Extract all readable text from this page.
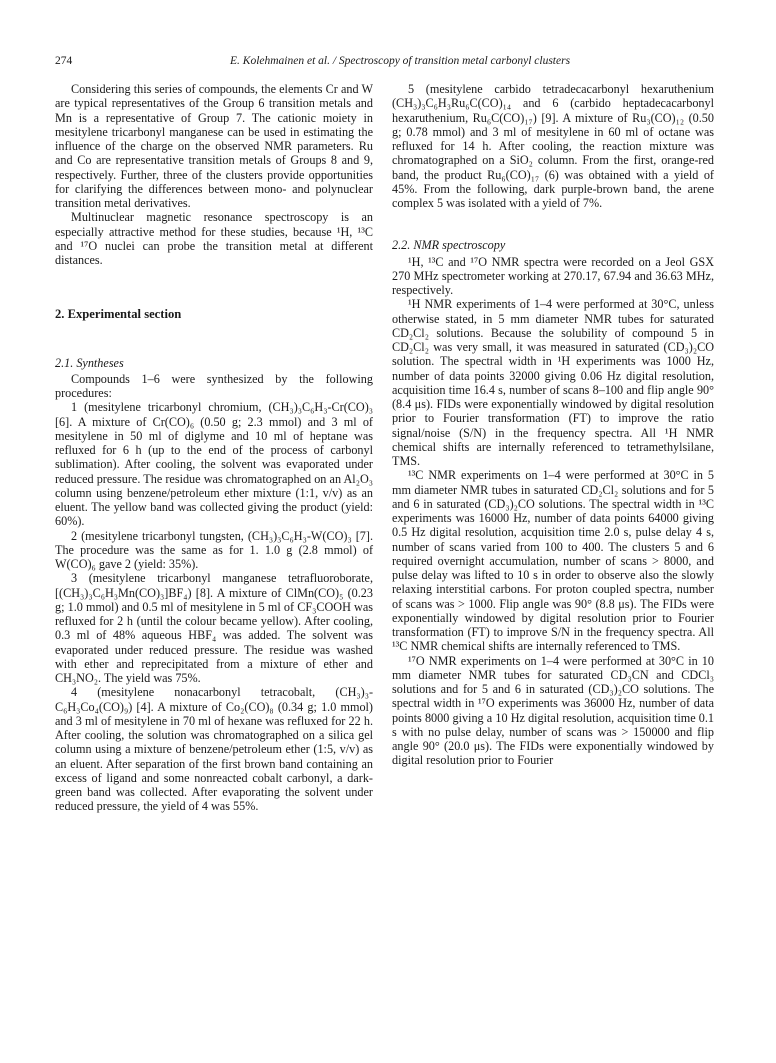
274	E. Kolehmainen et al. / Spectroscopy of transition metal carbonyl clusters

Considering this series of compounds, the elements Cr and W are typical representatives of the Group 6 transition metals and Mn is a representative of Group 7. The cationic moiety in mesitylene tricarbonyl manganese can be used in estimating the influence of the charge on the observed NMR parameters. Ru and Co are representative transition metals of Groups 8 and 9, respectively. Further, three of the clusters provide opportunities for clarifying the differences between mono- and polynuclear transition metal derivatives.

Multinuclear magnetic resonance spectroscopy is an especially attractive method for these studies, because ¹H, ¹³C and ¹⁷O nuclei can probe the transition metal at different distances.

2. Experimental section
2.1. Syntheses

Compounds 1–6 were synthesized by the following procedures:

1 (mesitylene tricarbonyl chromium, (CH₃)₃C₆H₃-Cr(CO)₃ [6]. A mixture of Cr(CO)₆ (0.50 g; 2.3 mmol) and 3 ml of mesitylene in 50 ml of diglyme and 10 ml of heptane was refluxed for 6 h (up to the end of the process of carbonyl sublimation). After cooling, the solvent was evaporated under reduced pressure. The residue was chromatographed on an Al₂O₃ column using benzene/petroleum ether mixture (1:1, v/v) as an eluent. The yellow band was collected giving the product (yield: 60%).

2 (mesitylene tricarbonyl tungsten, (CH₃)₃C₆H₃-W(CO)₃ [7]. The procedure was the same as for 1. 1.0 g (2.8 mmol) of W(CO)₆ gave 2 (yield: 35%).

3 (mesitylene tricarbonyl manganese tetrafluoroborate, [(CH₃)₃C₆H₃Mn(CO)₃]BF₄) [8]. A mixture of ClMn(CO)₅ (0.23 g; 1.0 mmol) and 0.5 ml of mesitylene in 5 ml of CF₃COOH was refluxed for 2 h (until the colour became yellow). After cooling, 0.3 ml of 48% aqueous HBF₄ was added. The solvent was evaporated under reduced pressure. The residue was washed with ether and reprecipitated from a mixture of ether and CH₃NO₂. The yield was 75%.

4 (mesitylene nonacarbonyl tetracobalt, (CH₃)₃-C₆H₃Co₄(CO)₉) [4]. A mixture of Co₂(CO)₈ (0.34 g; 1.0 mmol) and 3 ml of mesitylene in 70 ml of hexane was refluxed for 22 h. After cooling, the solution was chromatographed on a silica gel column using a mixture of benzene/petroleum ether (1:5, v/v) as an eluent. After separation of the first brown band containing an excess of ligand and some nonreacted cobalt carbonyl, a dark-green band was collected. After evaporating the solvent under reduced pressure, the yield of 4 was 55%.

5 (mesitylene carbido tetradecacarbonyl hexaruthenium (CH₃)₃C₆H₃Ru₆C(CO)₁₄ and 6 (carbido heptadecacarbonyl hexaruthenium, Ru₆C(CO)₁₇) [9]. A mixture of Ru₃(CO)₁₂ (0.50 g; 0.78 mmol) and 3 ml of mesitylene in 60 ml of octane was refluxed for 14 h. After cooling, the reaction mixture was chromatographed on a SiO₂ column. From the first, orange-red band, the product Ru₆(CO)₁₇ (6) was obtained with a yield of 45%. From the following, dark purple-brown band, the arene complex 5 was isolated with a yield of 7%.

2.2. NMR spectroscopy

¹H, ¹³C and ¹⁷O NMR spectra were recorded on a Jeol GSX 270 MHz spectrometer working at 270.17, 67.94 and 36.63 MHz, respectively.

¹H NMR experiments of 1–4 were performed at 30°C, unless otherwise stated, in 5 mm diameter NMR tubes for saturated CD₂Cl₂ solutions. Because the solubility of compound 5 in CD₂Cl₂ was very small, it was measured in saturated (CD₃)₂CO solution. The spectral width in ¹H experiments was 1000 Hz, number of data points 32000 giving 0.06 Hz digital resolution, acquisition time 16.4 s, number of scans 8–100 and flip angle 90° (8.4 μs). FIDs were exponentially windowed by digital resolution prior to Fourier transformation (FT) to improve the ratio signal/noise (S/N) in the frequency spectra. All ¹H NMR chemical shifts are internally referenced to tetramethylsilane, TMS.

¹³C NMR experiments on 1–4 were performed at 30°C in 5 mm diameter NMR tubes in saturated CD₂Cl₂ solutions and for 5 and 6 in saturated (CD₃)₂CO solutions. The spectral width in ¹³C experiments was 16000 Hz, number of data points 64000 giving 0.5 Hz digital resolution, acquisition time 2.0 s, pulse delay 4 s, number of scans varied from 100 to 400. The clusters 5 and 6 required overnight accumulation, number of scans > 8000, and pulse delay was lifted to 10 s in order to observe also the slowly relaxing interstitial carbons. For proton coupled spectra, number of scans was > 1000. Flip angle was 90° (8.8 μs). The FIDs were exponentially windowed by digital resolution prior to Fourier transformation (FT) to improve S/N in the frequency spectra. All ¹³C NMR chemical shifts are internally referenced to TMS.

¹⁷O NMR experiments on 1–4 were performed at 30°C in 10 mm diameter NMR tubes for saturated CD₃CN and CDCl₃ solutions and for 5 and 6 in saturated (CD₃)₂CO solutions. The spectral width in ¹⁷O experiments was 36000 Hz, number of data points 8000 giving a 10 Hz digital resolution, acquisition time 0.1 s with no pulse delay, number of scans was > 150000 and flip angle 90° (20.0 μs). The FIDs were exponentially windowed by digital resolution prior to Fourier
